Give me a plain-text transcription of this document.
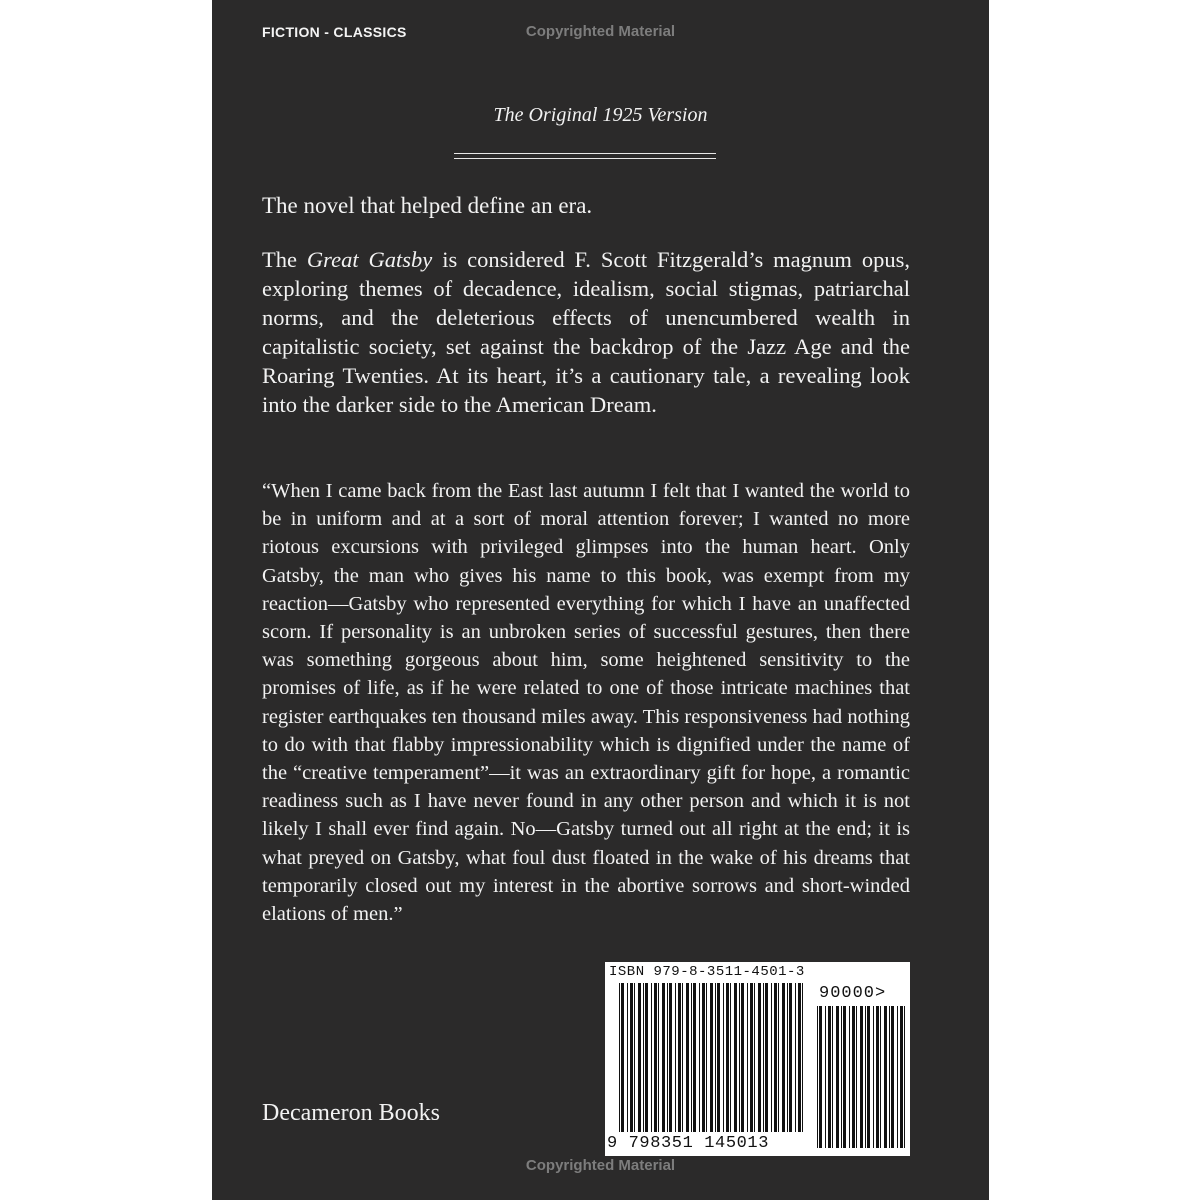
FICTION - CLASSICS	Copyrighted Material
The Original 1925 Version
The novel that helped define an era.

The Great Gatsby is considered F. Scott Fitzgerald’s magnum opus, exploring themes of decadence, idealism, social stigmas, patriarchal norms, and the deleterious effects of unencumbered wealth in capitalistic society, set against the backdrop of the Jazz Age and the Roaring Twenties. At its heart, it’s a cautionary tale, a revealing look into the darker side to the American Dream.

“When I came back from the East last autumn I felt that I wanted the world to be in uniform and at a sort of moral attention forever; I wanted no more riotous excursions with privileged glimpses into the human heart. Only Gatsby, the man who gives his name to this book, was exempt from my reaction—Gatsby who represented everything for which I have an unaffected scorn. If personality is an unbroken series of successful gestures, then there was something gorgeous about him, some heightened sensitivity to the promises of life, as if he were related to one of those intricate machines that register earthquakes ten thousand miles away. This responsiveness had nothing to do with that flabby impressionability which is dignified under the name of the “creative temperament”—it was an extraordinary gift for hope, a romantic readiness such as I have never found in any other person and which it is not likely I shall ever find again. No—Gatsby turned out all right at the end; it is what preyed on Gatsby, what foul dust floated in the wake of his dreams that temporarily closed out my interest in the abortive sorrows and short-winded elations of men.”

Decameron Books
ISBN 979-8-3511-4501-3
90000>
9 798351 145013
Copyrighted Material
